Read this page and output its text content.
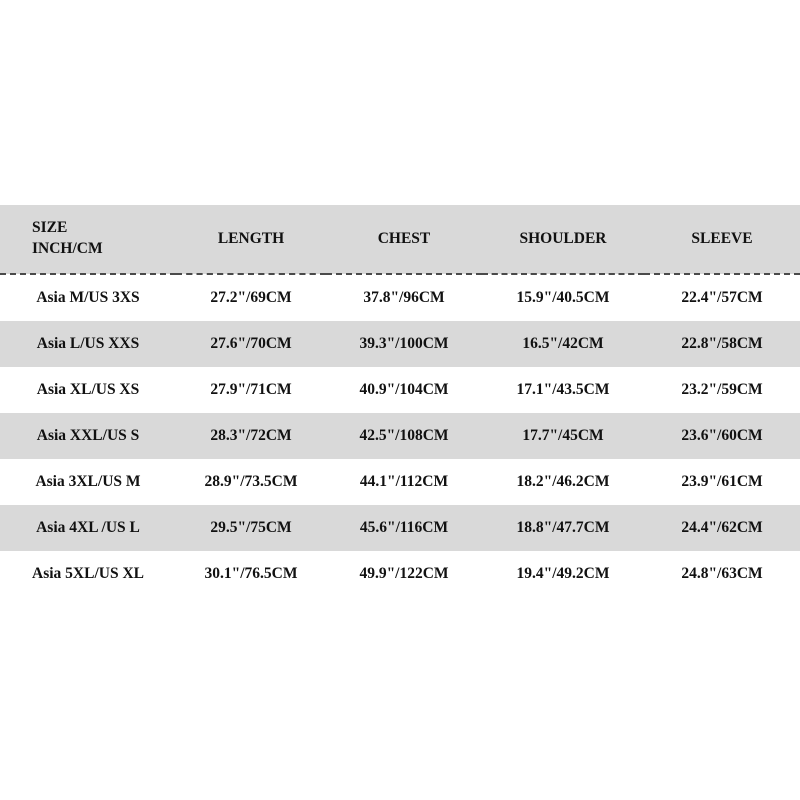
SIZE
INCH/CM	LENGTH	CHEST	SHOULDER	SLEEVE
Asia M/US 3XS	27.2"/69CM	37.8"/96CM	15.9"/40.5CM	22.4"/57CM
Asia L/US XXS	27.6"/70CM	39.3"/100CM	16.5"/42CM	22.8"/58CM
Asia XL/US XS	27.9"/71CM	40.9"/104CM	17.1"/43.5CM	23.2"/59CM
Asia XXL/US S	28.3"/72CM	42.5"/108CM	17.7"/45CM	23.6"/60CM
Asia 3XL/US M	28.9"/73.5CM	44.1"/112CM	18.2"/46.2CM	23.9"/61CM
Asia 4XL /US L	29.5"/75CM	45.6"/116CM	18.8"/47.7CM	24.4"/62CM
Asia 5XL/US XL	30.1"/76.5CM	49.9"/122CM	19.4"/49.2CM	24.8"/63CM
